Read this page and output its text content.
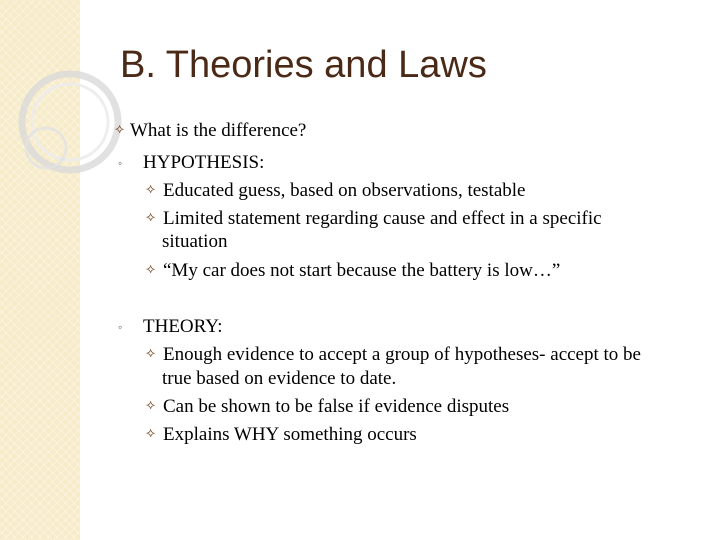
B. Theories and Laws
⟡ What is the difference?
◦ HYPOTHESIS:
⟡ Educated guess, based on observations, testable
⟡ Limited statement regarding cause and effect in a specific
situation
⟡ “My car does not start because the battery is low…”
◦ THEORY:
⟡ Enough evidence to accept a group of hypotheses- accept to be
true based on evidence to date.
⟡ Can be shown to be false if evidence disputes
⟡ Explains WHY something occurs
